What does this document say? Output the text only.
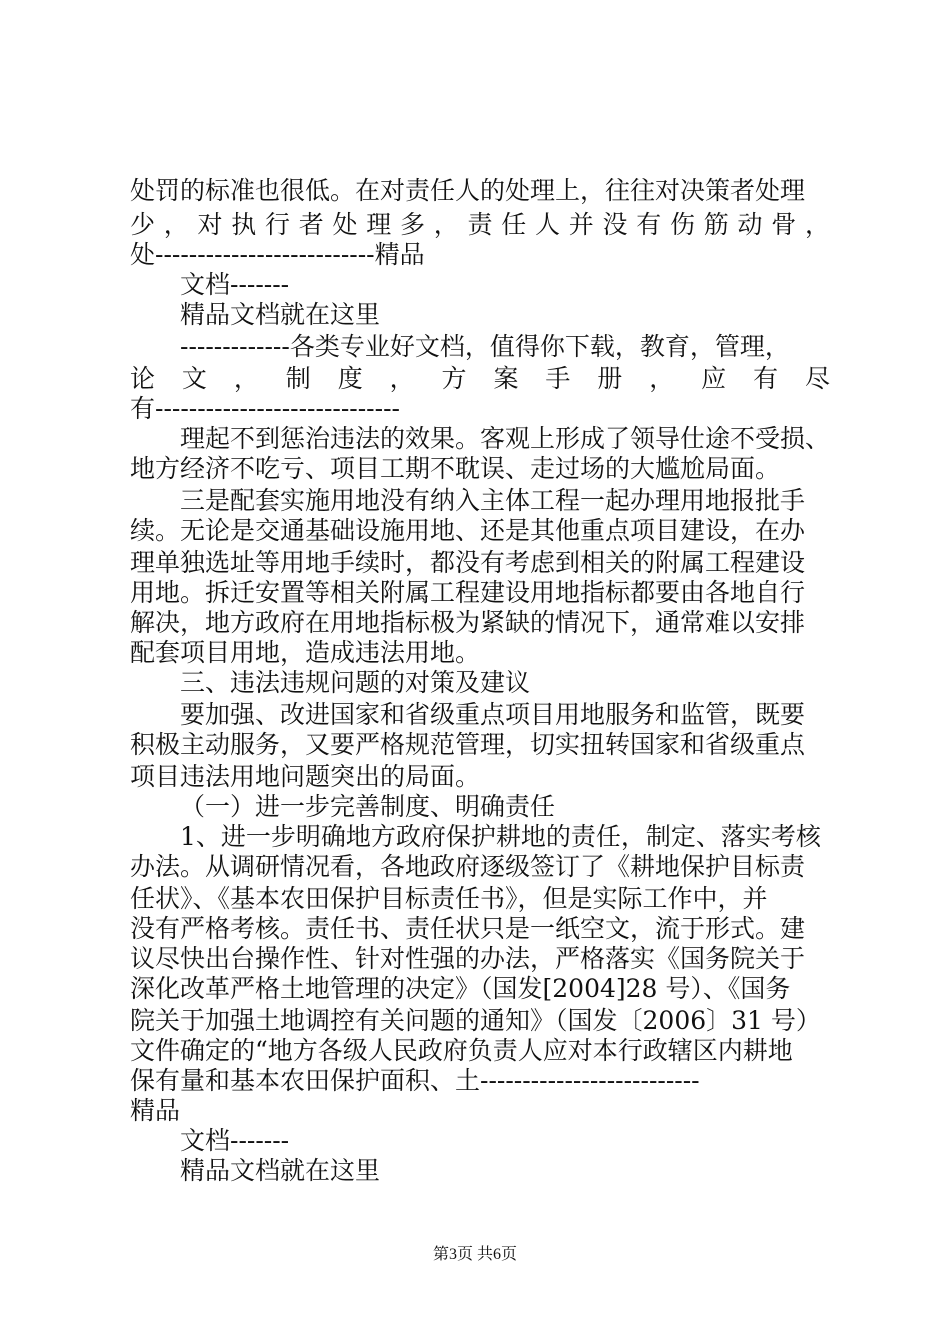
处罚的标准也很低。在对责任人的处理上，往往对决策者处理
少，对执行者处理多，责任人并没有伤筋动骨，
处--------------------------精品
文档-------
精品文档就在这里
-------------各类专业好文档，值得你下载，教育，管理，
论文，制度，方案手册，应有尽
有-----------------------------
理起不到惩治违法的效果。客观上形成了领导仕途不受损、
地方经济不吃亏、项目工期不耽误、走过场的大尴尬局面。
三是配套实施用地没有纳入主体工程一起办理用地报批手
续。无论是交通基础设施用地、还是其他重点项目建设，在办
理单独选址等用地手续时，都没有考虑到相关的附属工程建设
用地。拆迁安置等相关附属工程建设用地指标都要由各地自行
解决，地方政府在用地指标极为紧缺的情况下，通常难以安排
配套项目用地，造成违法用地。
三、违法违规问题的对策及建议
要加强、改进国家和省级重点项目用地服务和监管，既要
积极主动服务，又要严格规范管理，切实扭转国家和省级重点
项目违法用地问题突出的局面。
（一）进一步完善制度、明确责任
1、进一步明确地方政府保护耕地的责任，制定、落实考核
办法。从调研情况看，各地政府逐级签订了《耕地保护目标责
任状》、《基本农田保护目标责任书》，但是实际工作中，并
没有严格考核。责任书、责任状只是一纸空文，流于形式。建
议尽快出台操作性、针对性强的办法，严格落实《国务院关于
深化改革严格土地管理的决定》（国发[2004]28 号）、《国务
院关于加强土地调控有关问题的通知》（国发〔2006〕31 号）
文件确定的“地方各级人民政府负责人应对本行政辖区内耕地
保有量和基本农田保护面积、土--------------------------
精品
文档-------
精品文档就在这里
第3页 共6页
